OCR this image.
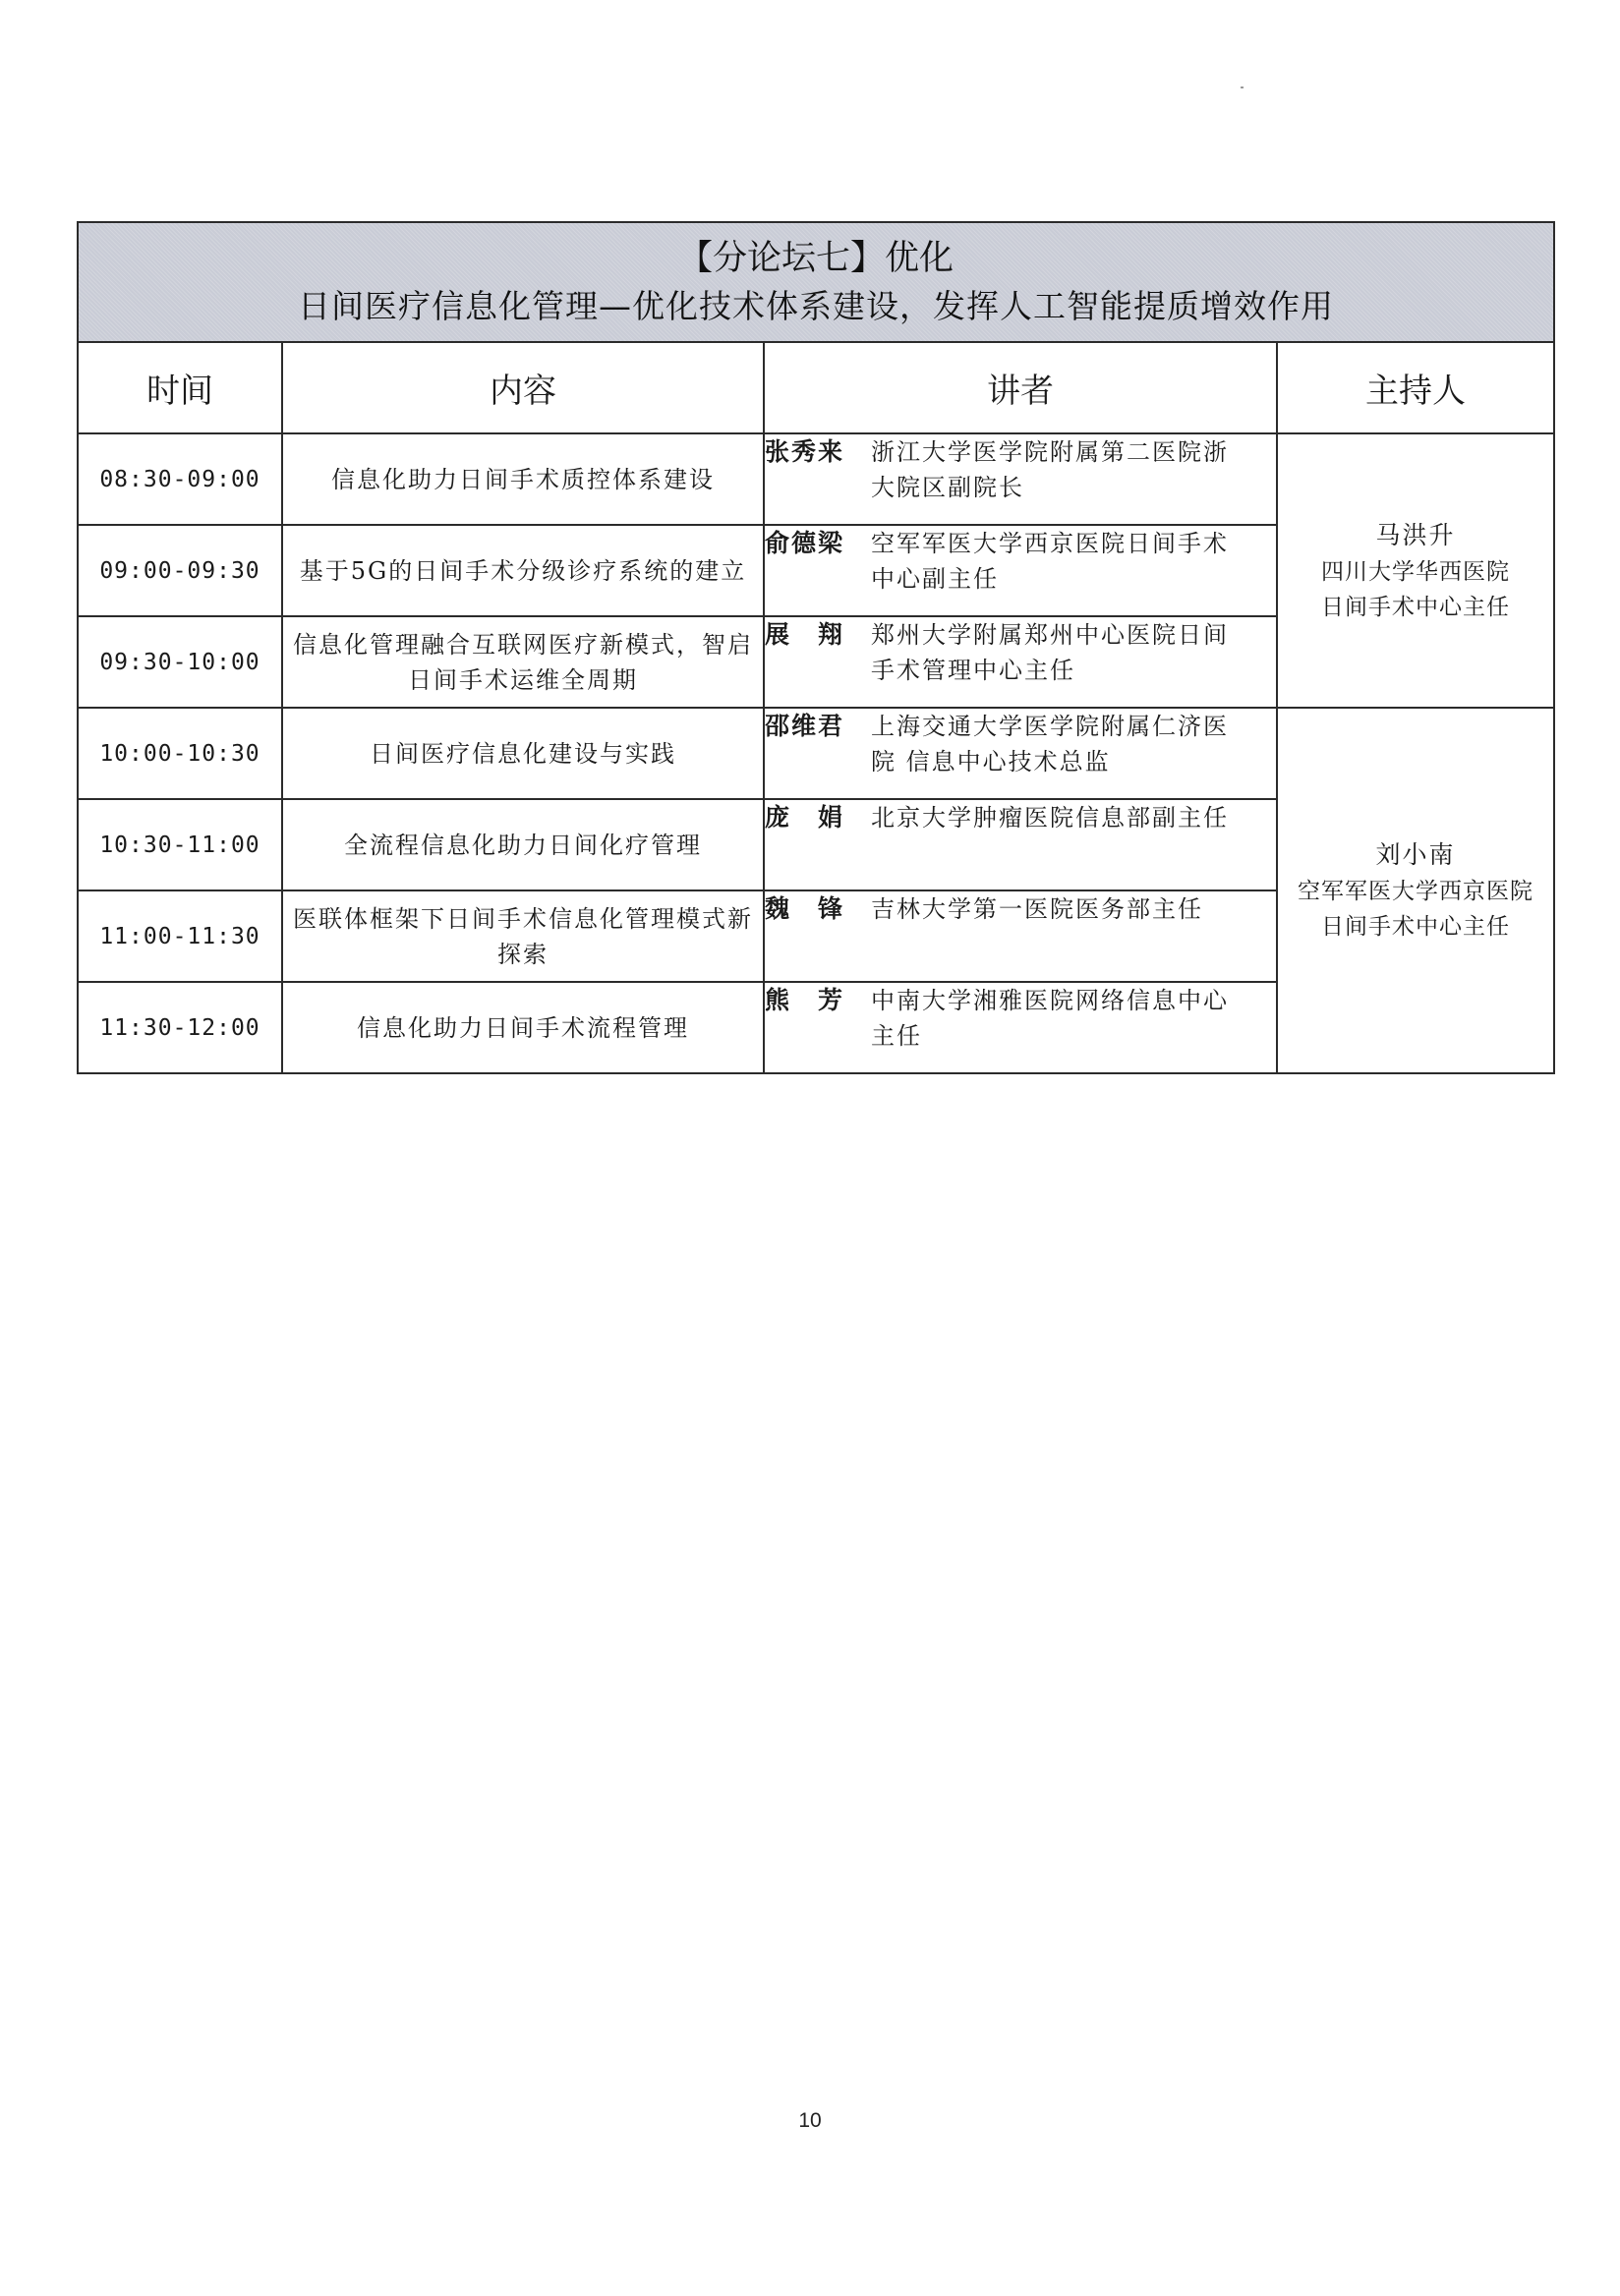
【分论坛七】优化
日间医疗信息化管理—优化技术体系建设，发挥人工智能提质增效作用			

时间	内容	讲者	主持人
08:30-09:00	信息化助力日间手术质控体系建设	张秀来 浙江大学医学院附属第二医院浙大院区副院长	马洪升
四川大学华西医院
日间手术中心主任

09:00-09:30	基于5G的日间手术分级诊疗系统的建立	俞德梁 空军军医大学西京医院日间手术中心副主任	
09:30-10:00	信息化管理融合互联网医疗新模式，智启日间手术运维全周期	展　翔 郑州大学附属郑州中心医院日间手术管理中心主任	
10:00-10:30	日间医疗信息化建设与实践	邵维君 上海交通大学医学院附属仁济医院 信息中心技术总监	刘小南
空军军医大学西京医院
日间手术中心主任

10:30-11:00	全流程信息化助力日间化疗管理	庞　娟 北京大学肿瘤医院信息部副主任	
11:00-11:30	医联体框架下日间手术信息化管理模式新探索	魏　锋 吉林大学第一医院医务部主任	
11:30-12:00	信息化助力日间手术流程管理	熊　芳 中南大学湘雅医院网络信息中心主任	
10
